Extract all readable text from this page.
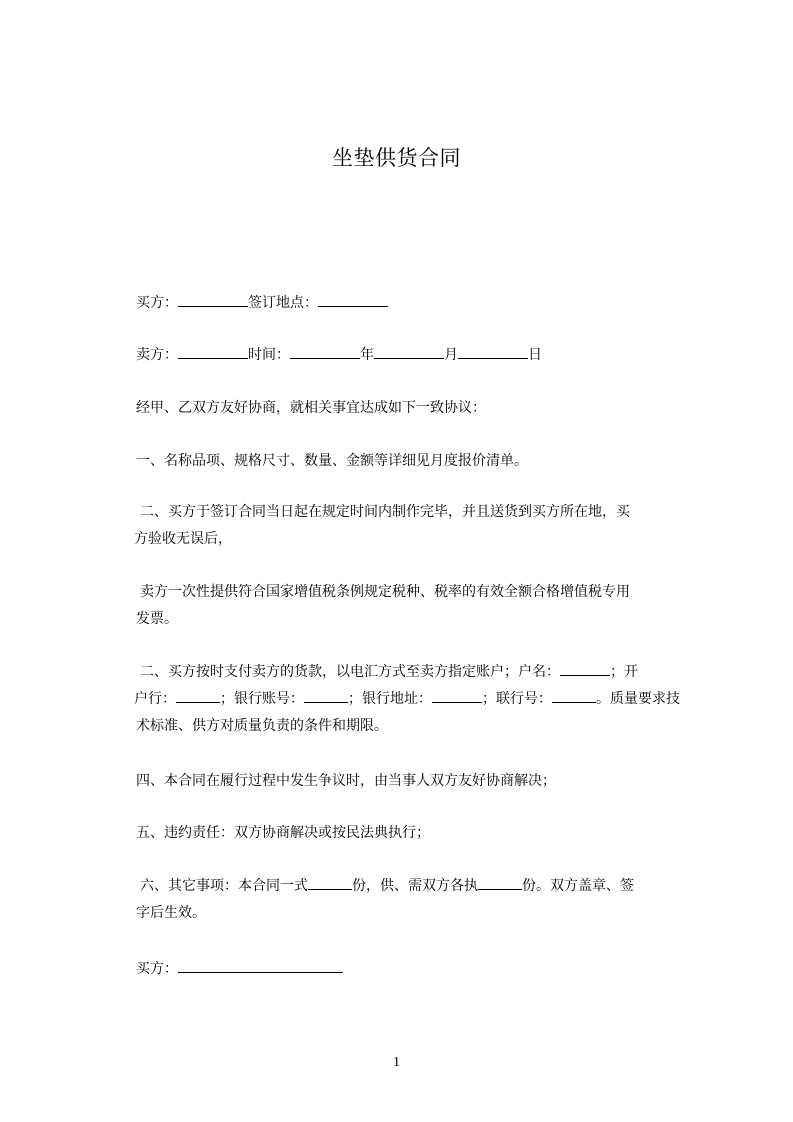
坐垫供货合同
买方：	签订地点：
卖方：	时间：	年	月	日
经甲、乙双方友好协商，就相关事宜达成如下一致协议：
一、名称品项、规格尺寸、数量、金额等详细见月度报价清单。
二、买方于签订合同当日起在规定时间内制作完毕，并且送货到买方所在地，买
方验收无误后，
卖方一次性提供符合国家增值税条例规定税种、税率的有效全额合格增值税专用
发票。
二、买方按时支付卖方的货款，以电汇方式至卖方指定账户；户名：	；开
户行：	；银行账号：	；银行地址：	；联行号：	。质量要求技
术标准、供方对质量负责的条件和期限。
四、本合同在履行过程中发生争议时，由当事人双方友好协商解决；
五、违约责任：双方协商解决或按民法典执行；
六、其它事项：本合同一式	份，供、需双方各执	份。双方盖章、签
字后生效。
买方：
1
